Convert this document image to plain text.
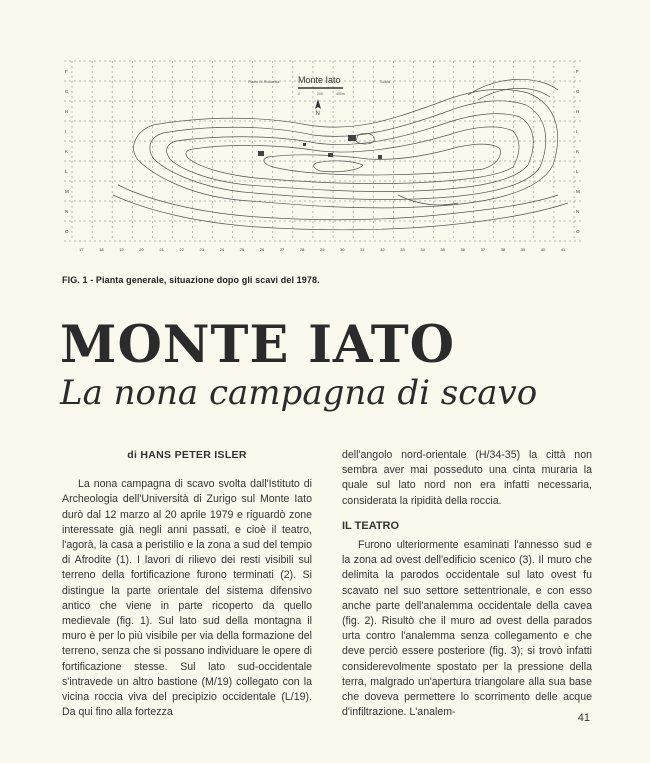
F	F
G	G
H	H
I	I
K	K
L	L
M	M
N	N
O	O
17	18	19	20	21	22	23	24	25	26	27	28	29	30	31	32	33	34	35	36	37	38	39	40	41
Monte Iato
Piano di Ruccetta	Scala
0	200	400m
N
FIG. 1 - Pianta generale, situazione dopo gli scavi del 1978.
MONTE IATO
La nona campagna di scavo

di HANS PETER ISLER

La nona campagna di scavo svolta dall'Istituto di Archeologia dell'Università di Zurigo sul Monte Iato durò dal 12 marzo al 20 aprile 1979 e riguardò zone interessate già negli anni passati, e cioè il teatro, l'agorà, la casa a peristilio e la zona a sud del tempio di Afrodite (1). I lavori di rilievo dei resti visibili sul terreno della fortificazione furono terminati (2). Si distingue la parte orientale del sistema difensivo antico che viene in parte ricoperto da quello medievale (fig. 1). Sul lato sud della montagna il muro è per lo più visibile per via della formazione del terreno, senza che si possano individuare le opere di fortificazione stesse. Sul lato sud-occidentale s'intravede un altro bastione (M/19) collegato con la vicina roccia viva del precipizio occidentale (L/19). Da qui fino alla fortezza

dell'angolo nord-orientale (H/34-35) la città non sembra aver mai posseduto una cinta muraria la quale sul lato nord non era infatti necessaria, considerata la ripidità della roccia.

IL TEATRO

Furono ulteriormente esaminati l'annesso sud e la zona ad ovest dell'edificio scenico (3). Il muro che delimita la parodos occidentale sul lato ovest fu scavato nel suo settore settentrionale, e con esso anche parte dell'analemma occidentale della cavea (fig. 2). Risultò che il muro ad ovest della parados urta contro l'analemma senza collegamento e che deve perciò essere posteriore (fig. 3); si trovò infatti considerevolmente spostato per la pressione della terra, malgrado un'apertura triangolare alla sua base che doveva permettere lo scorrimento delle acque d'infiltrazione. L'analem-	41
